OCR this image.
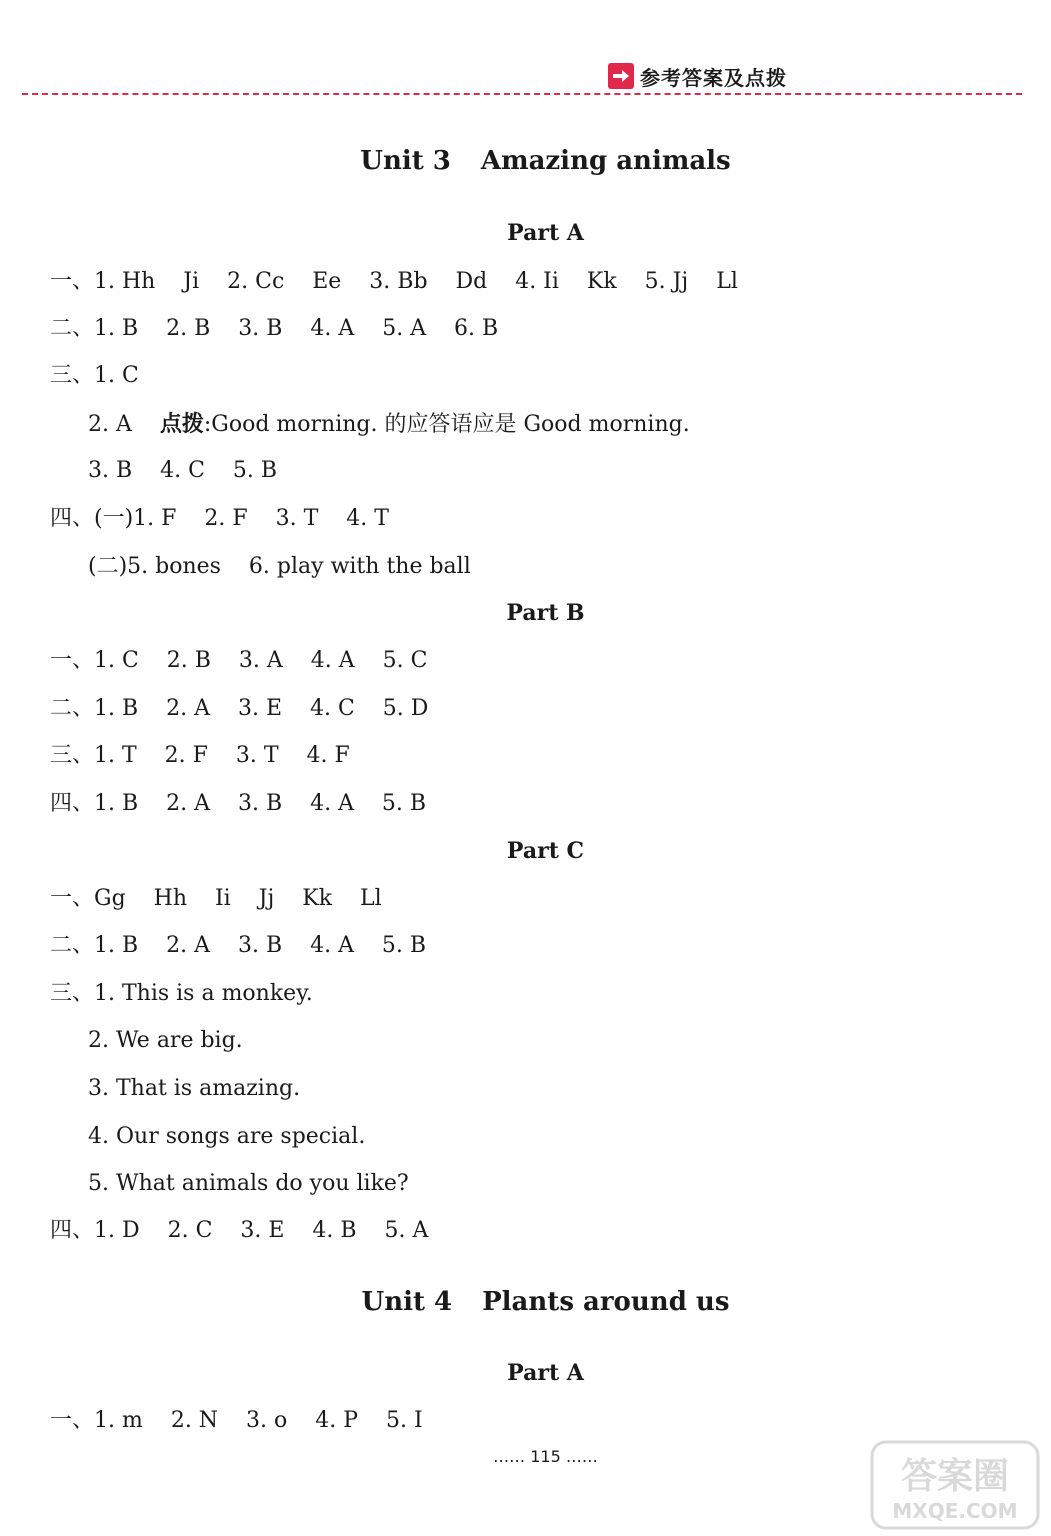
参考答案及点拨
Unit 3 Amazing animals
Part A
一、1. Hh    Ji    2. Cc    Ee    3. Bb    Dd    4. Ii    Kk    5. Jj    Ll
二、1. B    2. B    3. B    4. A    5. A    6. B
三、1. C
2. A 点拨:Good morning. 的应答语应是 Good morning.
3. B    4. C    5. B
四、(一)1. F    2. F    3. T    4. T
(二)5. bones    6. play with the ball
Part B
一、1. C    2. B    3. A    4. A    5. C
二、1. B    2. A    3. E    4. C    5. D
三、1. T    2. F    3. T    4. F
四、1. B    2. A    3. B    4. A    5. B
Part C
一、Gg    Hh    Ii    Jj    Kk    Ll
二、1. B    2. A    3. B    4. A    5. B
三、1. This is a monkey.
2. We are big.
3. That is amazing.
4. Our songs are special.
5. What animals do you like?
四、1. D    2. C    3. E    4. B    5. A
Unit 4 Plants around us
Part A
一、1. m    2. N    3. o    4. P    5. I
…… 115 ……	答案圈
MXQE.COM
